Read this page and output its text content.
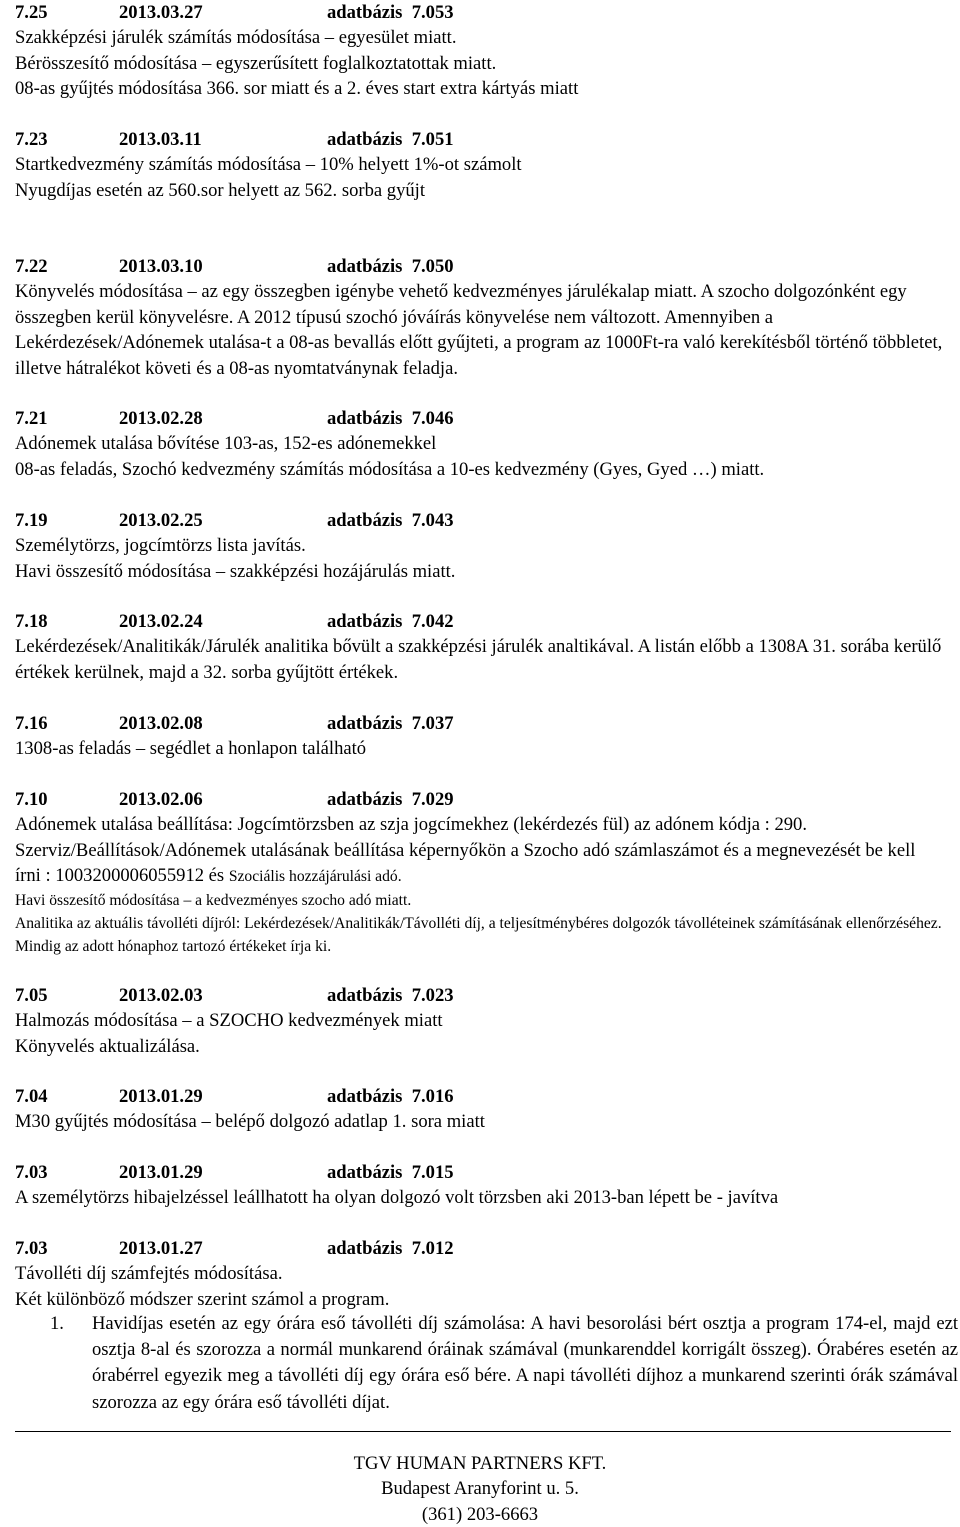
7.25	2013.03.27	adatbázis  7.053
Szakképzési járulék számítás módosítása – egyesület miatt.
Bérösszesítő módosítása – egyszerűsített foglalkoztatottak miatt.
08-as gyűjtés módosítása 366. sor miatt és a 2. éves start extra kártyás miatt
7.23	2013.03.11	adatbázis  7.051
Startkedvezmény számítás módosítása – 10% helyett 1%-ot számolt
Nyugdíjas esetén az 560.sor helyett az 562. sorba gyűjt
7.22	2013.03.10	adatbázis  7.050
Könyvelés módosítása – az egy összegben igénybe vehető kedvezményes járulékalap miatt. A szocho dolgozónként egy összegben kerül könyvelésre. A 2012 típusú szochó jóváírás könyvelése nem változott. Amennyiben a Lekérdezések/Adónemek utalása-t a 08-as bevallás előtt gyűjteti, a program az 1000Ft-ra való kerekítésből történő többletet, illetve hátralékot követi és a 08-as nyomtatványnak feladja.
7.21	2013.02.28	adatbázis  7.046
Adónemek utalása bővítése 103-as, 152-es adónemekkel
08-as feladás, Szochó kedvezmény számítás módosítása a 10-es kedvezmény (Gyes, Gyed …) miatt.
7.19	2013.02.25	adatbázis  7.043
Személytörzs, jogcímtörzs lista javítás.
Havi összesítő módosítása – szakképzési hozájárulás miatt.
7.18	2013.02.24	adatbázis  7.042
Lekérdezések/Analitikák/Járulék analitika bővült a szakképzési járulék analtikával. A listán előbb a 1308A 31. sorába kerülő értékek kerülnek, majd a 32. sorba gyűjtött értékek.
7.16	2013.02.08	adatbázis  7.037
1308-as feladás – segédlet a honlapon található
7.10	2013.02.06	adatbázis  7.029
Adónemek utalása beállítása: Jogcímtörzsben az szja jogcímekhez (lekérdezés fül) az adónem kódja : 290. Szerviz/Beállítások/Adónemek utalásának beállítása képernyőkön a Szocho adó számlaszámot és a megnevezését be kell írni : 1003200006055912 és Szociális hozzájárulási adó.
Havi összesítő módosítása – a kedvezményes szocho adó miatt.
Analitika az aktuális távolléti díjról: Lekérdezések/Analitikák/Távolléti díj, a teljesítménybéres dolgozók távolléteinek számításának ellenőrzéséhez. Mindig az adott hónaphoz tartozó értékeket írja ki.
7.05	2013.02.03	adatbázis  7.023
Halmozás módosítása – a SZOCHO kedvezmények miatt
Könyvelés aktualizálása.
7.04	2013.01.29	adatbázis  7.016
M30 gyűjtés módosítása – belépő dolgozó adatlap 1. sora miatt
7.03	2013.01.29	adatbázis  7.015
A személytörzs hibajelzéssel leállhatott ha olyan dolgozó volt törzsben aki 2013-ban lépett be - javítva
7.03	2013.01.27	adatbázis  7.012
Távolléti díj számfejtés módosítása.
Két különböző módszer szerint számol a program.
1. Havidíjas esetén az egy órára eső távolléti díj számolása: A havi besorolási bért osztja a program 174-el, majd ezt osztja 8-al és szorozza a normál munkarend óráinak számával (munkarenddel korrigált összeg). Órabéres esetén az órabérrel egyezik meg a távolléti díj egy órára eső bére. A napi távolléti díjhoz a munkarend szerinti órák számával szorozza az egy órára eső távolléti díjat.
TGV HUMAN PARTNERS KFT.
Budapest Aranyforint u. 5.
(361) 203-6663
